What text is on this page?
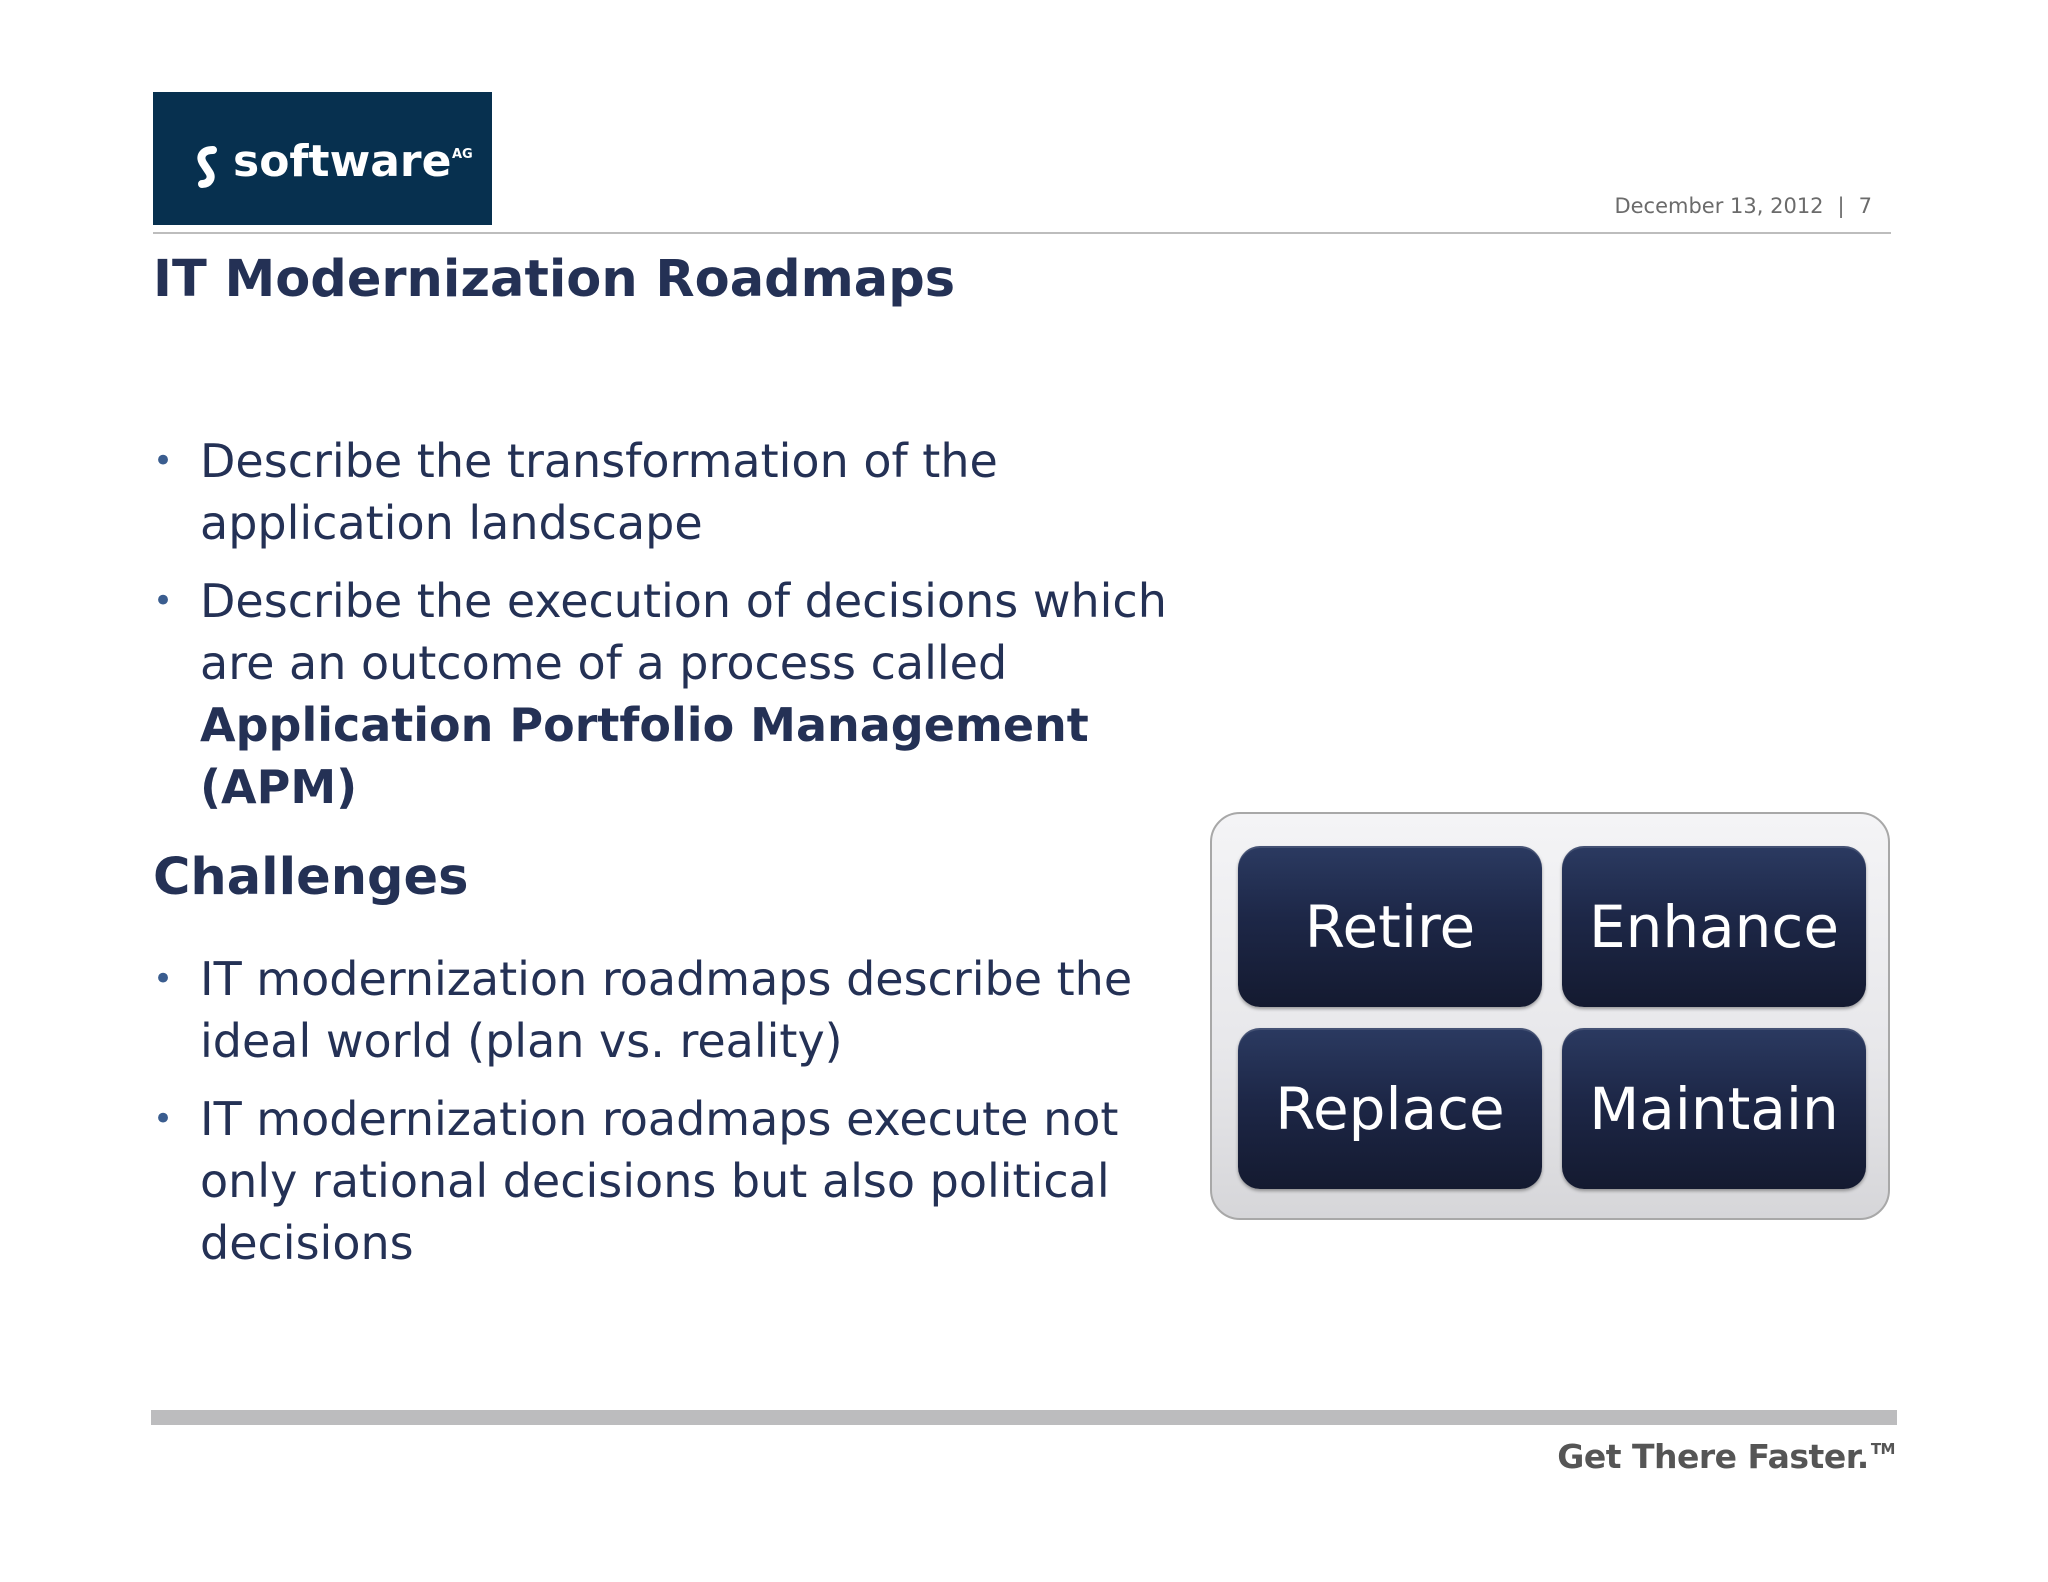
software AG
December 13, 2012 | 7
IT Modernization Roadmaps
• Describe the transformation of the application landscape
• Describe the execution of decisions which are an outcome of a process called Application Portfolio Management (APM)
Challenges
• IT modernization roadmaps describe the ideal world (plan vs. reality)
• IT modernization roadmaps execute not only rational decisions but also political decisions
Retire	Enhance
Replace	Maintain
Get There Faster. ™
